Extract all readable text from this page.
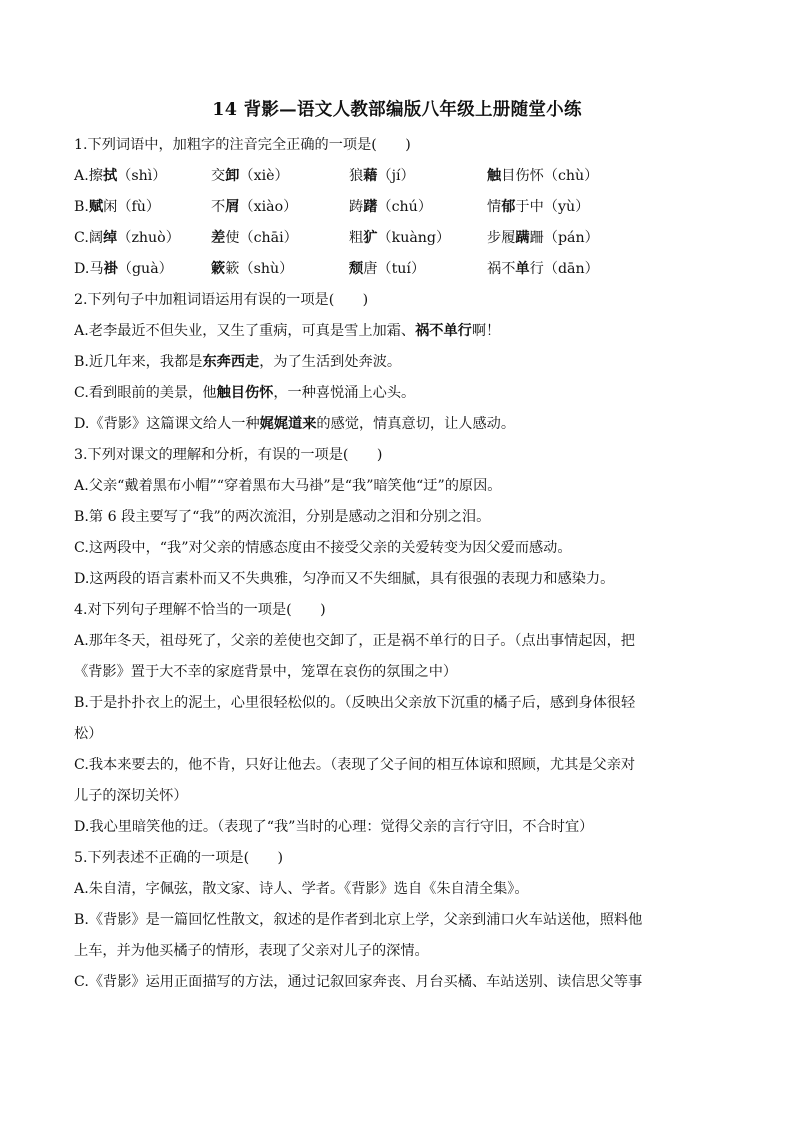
14 背影—语文人教部编版八年级上册随堂小练
1.下列词语中，加粗字的注音完全正确的一项是(　　)
A.擦拭（shì）	交卸（xiè）	狼藉（jí）	触目伤怀（chù）
B.赋闲（fù）	不屑（xiào）	踌躇（chú）	情郁于中（yù）
C.阔绰（zhuò） 差使（chāi）	粗犷（kuàng）	步履蹒跚（pán）
D.马褂（guà）	簌簌（shù）	颓唐（tuí）	祸不单行（dān）
2.下列句子中加粗词语运用有误的一项是(　　)
A.老李最近不但失业，又生了重病，可真是雪上加霜、祸不单行啊！
B.近几年来，我都是东奔西走，为了生活到处奔波。
C.看到眼前的美景，他触目伤怀，一种喜悦涌上心头。
D.《背影》这篇课文给人一种娓娓道来的感觉，情真意切，让人感动。
3.下列对课文的理解和分析，有误的一项是(　　)
A.父亲“戴着黑布小帽”“穿着黑布大马褂”是“我”暗笑他“迂”的原因。
B.第 6 段主要写了“我”的两次流泪，分别是感动之泪和分别之泪。
C.这两段中，“我”对父亲的情感态度由不接受父亲的关爱转变为因父爱而感动。
D.这两段的语言素朴而又不失典雅，匀净而又不失细腻，具有很强的表现力和感染力。
4.对下列句子理解不恰当的一项是(　　)
A.那年冬天，祖母死了，父亲的差使也交卸了，正是祸不单行的日子。（点出事情起因，把
《背影》置于大不幸的家庭背景中，笼罩在哀伤的氛围之中）
B.于是扑扑衣上的泥土，心里很轻松似的。（反映出父亲放下沉重的橘子后，感到身体很轻
松）
C.我本来要去的，他不肯，只好让他去。（表现了父子间的相互体谅和照顾，尤其是父亲对
儿子的深切关怀）
D.我心里暗笑他的迂。（表现了“我”当时的心理：觉得父亲的言行守旧，不合时宜）
5.下列表述不正确的一项是(　　)
A.朱自清，字佩弦，散文家、诗人、学者。《背影》选自《朱自清全集》。
B.《背影》是一篇回忆性散文，叙述的是作者到北京上学，父亲到浦口火车站送他，照料他
上车，并为他买橘子的情形，表现了父亲对儿子的深情。
C.《背影》运用正面描写的方法，通过记叙回家奔丧、月台买橘、车站送别、读信思父等事
